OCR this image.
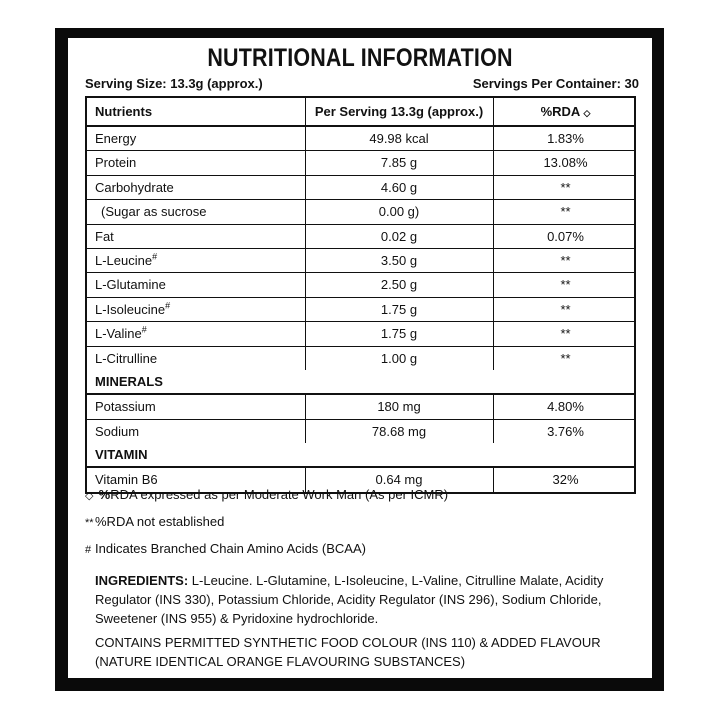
NUTRITIONAL INFORMATION
Serving Size: 13.3g (approx.)	Servings Per Container: 30
Nutrients	Per Serving 13.3g (approx.)	%RDA ◇
Energy	49.98 kcal	1.83%
Protein	7.85 g	13.08%
Carbohydrate	4.60 g	**
(Sugar as sucrose	0.00 g)	**
Fat	0.02 g	0.07%
L-Leucine#	3.50 g	**
L-Glutamine	2.50 g	**
L-Isoleucine#	1.75 g	**
L-Valine#	1.75 g	**
L-Citrulline	1.00 g	**
MINERALS
Potassium	180 mg	4.80%
Sodium	78.68 mg	3.76%
VITAMIN
Vitamin B6	0.64 mg	32%
◇ %RDA expressed as per Moderate Work Man (As per ICMR)
**%RDA not established
# Indicates Branched Chain Amino Acids (BCAA)
INGREDIENTS: L-Leucine. L-Glutamine, L-Isoleucine, L-Valine, Citrulline Malate, Acidity Regulator (INS 330), Potassium Chloride, Acidity Regulator (INS 296), Sodium Chloride, Sweetener (INS 955) & Pyridoxine hydrochloride.
CONTAINS PERMITTED SYNTHETIC FOOD COLOUR (INS 110) & ADDED FLAVOUR (NATURE IDENTICAL ORANGE FLAVOURING SUBSTANCES)
